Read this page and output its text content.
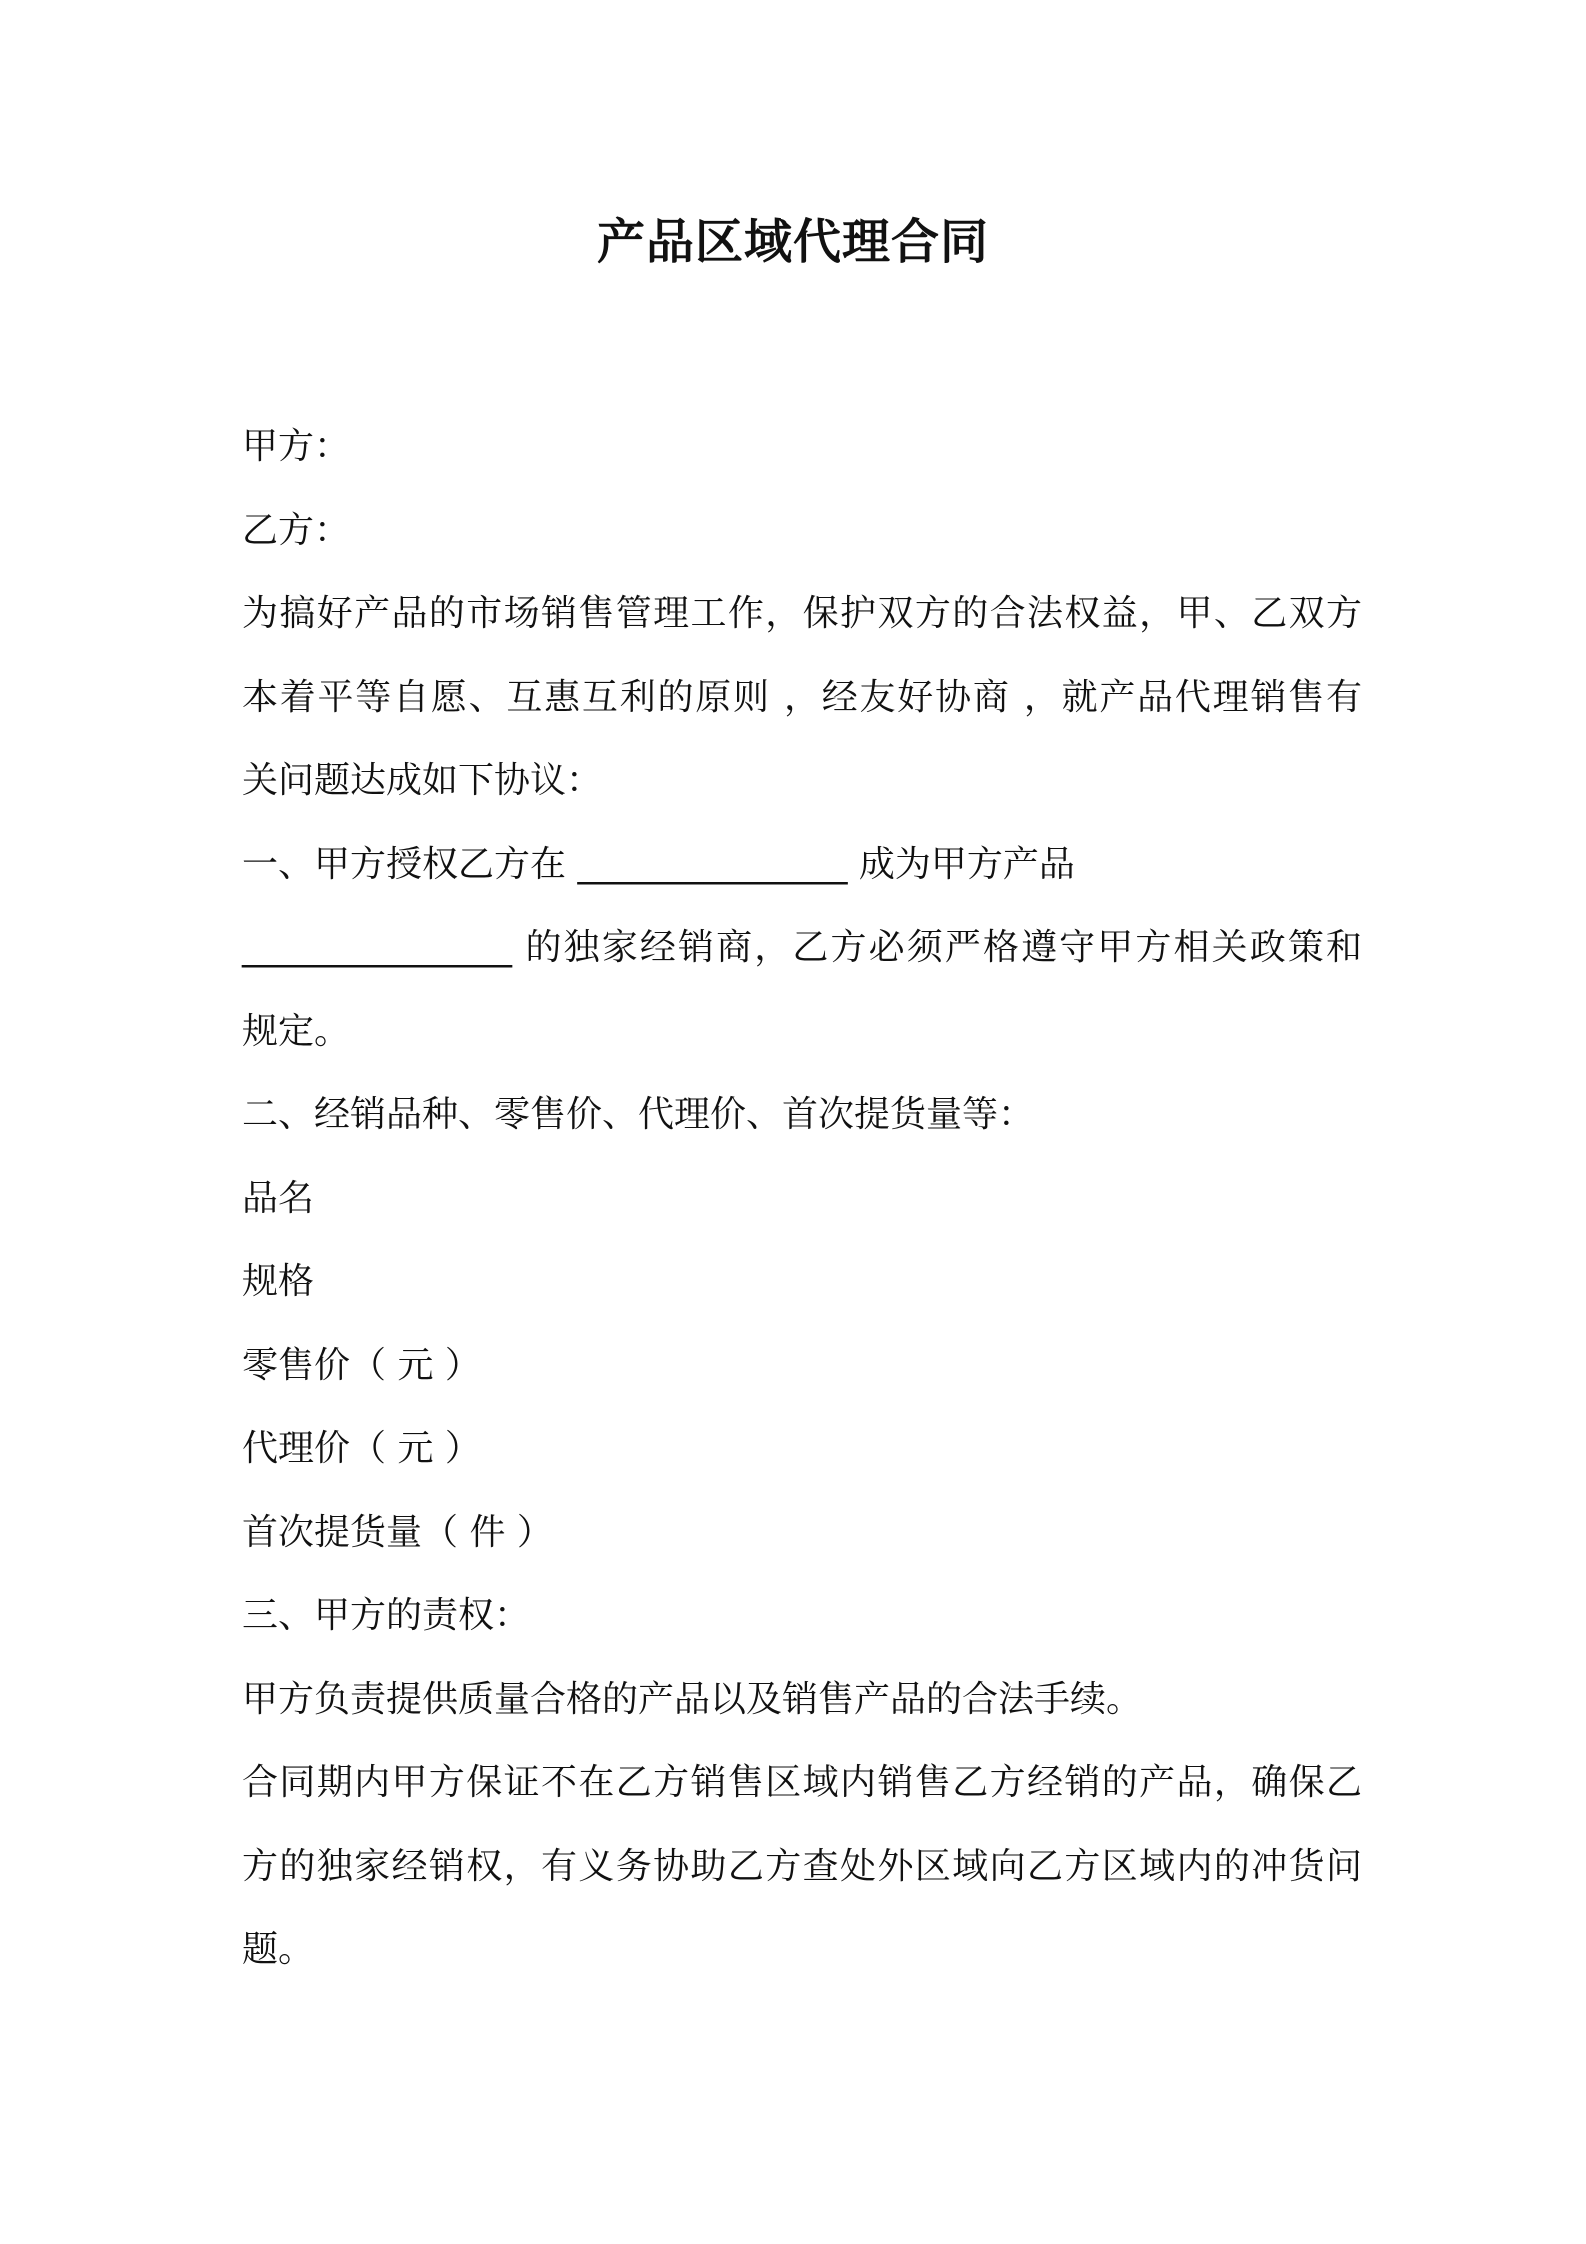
产品区域代理合同
甲方：
乙方：
为搞好产品的市场销售管理工作，保护双方的合法权益，甲、乙双方
本着平等自愿、互惠互利的原则 ，经友好协商 ，就产品代理销售有
关问题达成如下协议：
一、甲方授权乙方在 _______________ 成为甲方产品
_______________ 的独家经销商，乙方必须严格遵守甲方相关政策和
规定。
二、经销品种、零售价、代理价、首次提货量等：
品名
规格
零售价（ 元 ）
代理价（ 元 ）
首次提货量（ 件 ）
三、甲方的责权：
甲方负责提供质量合格的产品以及销售产品的合法手续。
合同期内甲方保证不在乙方销售区域内销售乙方经销的产品，确保乙
方的独家经销权，有义务协助乙方查处外区域向乙方区域内的冲货问
题。
